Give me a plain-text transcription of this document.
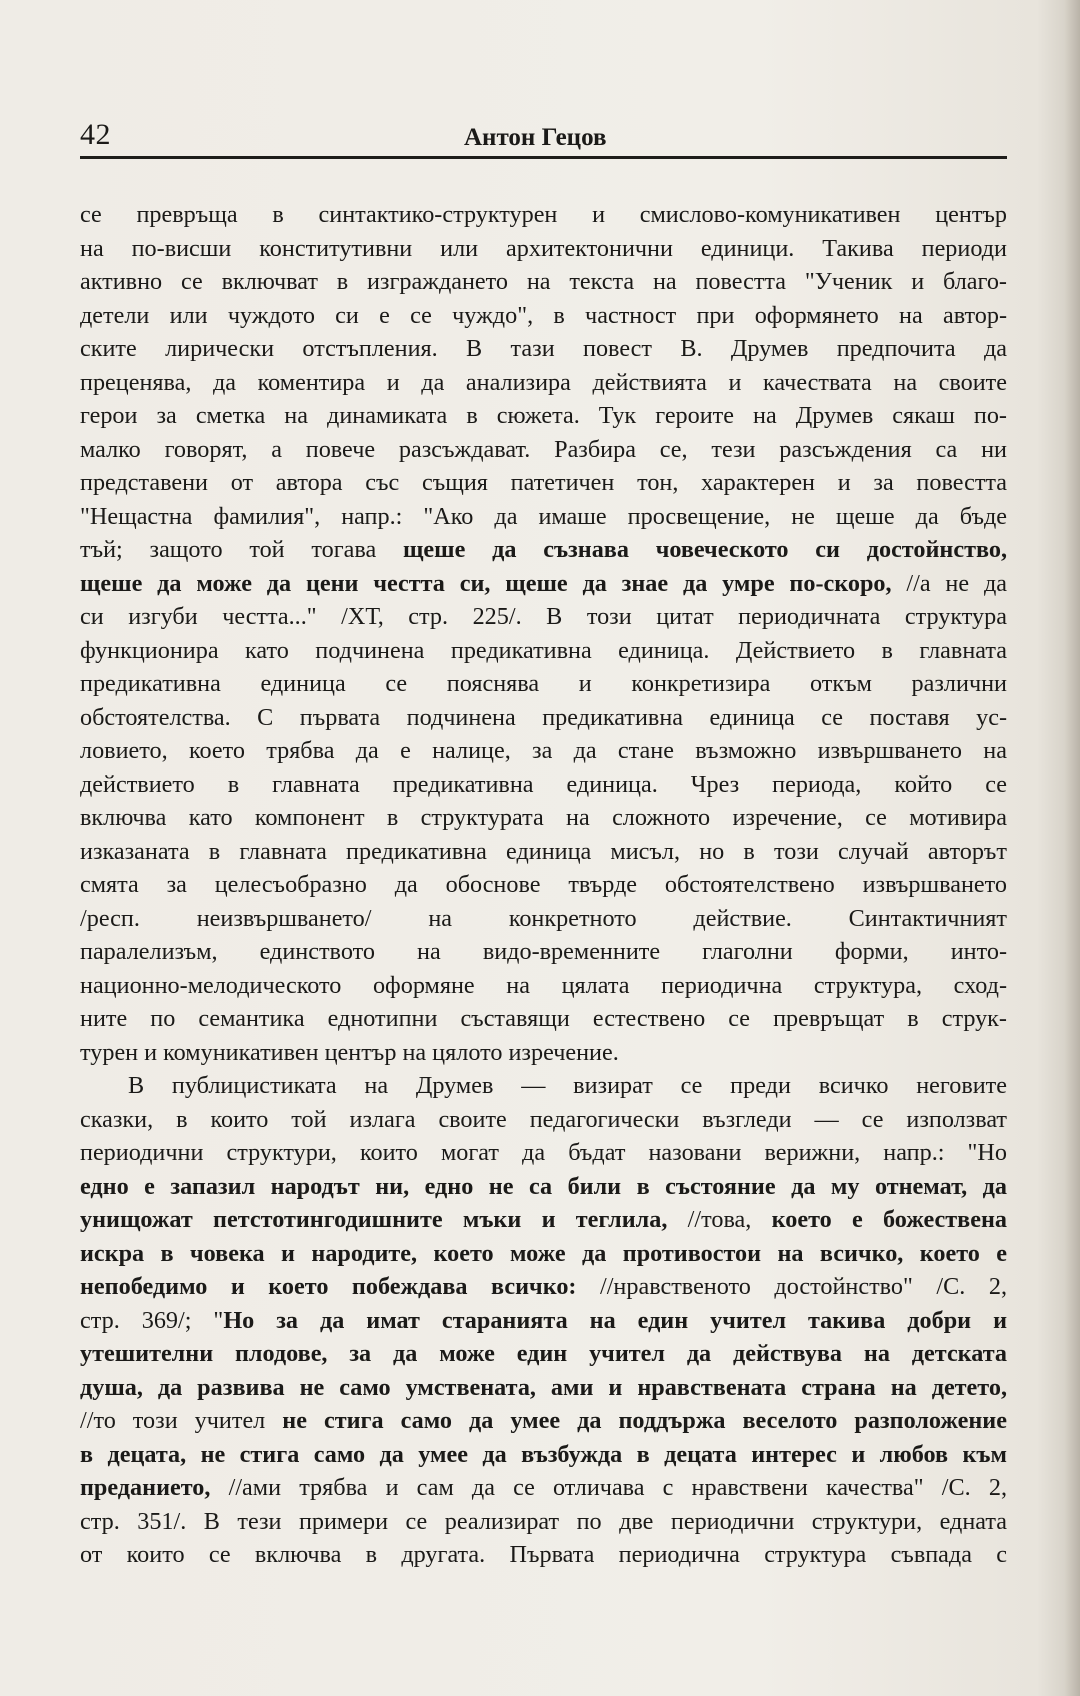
42	Антон Гецов
се превръща в синтактико-структурен и смислово-комуникативен център
на по-висши конститутивни или архитектонични единици. Такива периоди
активно се включват в изграждането на текста на повестта "Ученик и благо-
детели или чуждото си е се чуждо", в частност при оформянето на автор-
ските лирически отстъпления. В тази повест В. Друмев предпочита да
преценява, да коментира и да анализира действията и качествата на своите
герои за сметка на динамиката в сюжета. Тук героите на Друмев сякаш по-
малко говорят, а повече разсъждават. Разбира се, тези разсъждения са ни
представени от автора със същия патетичен тон, характерен и за повестта
"Нещастна фамилия", напр.: "Ако да имаше просвещение, не щеше да бъде
тъй; защото той тогава щеше да съзнава човеческото си достойнство,
щеше да може да цени честта си, щеше да знае да умре по-скоро, //а не да
си изгуби честта..." /ХТ, стр. 225/. В този цитат периодичната структура
функционира като подчинена предикативна единица. Действието в главната
предикативна единица се пояснява и конкретизира откъм различни
обстоятелства. С първата подчинена предикативна единица се поставя ус-
ловието, което трябва да е налице, за да стане възможно извършването на
действието в главната предикативна единица. Чрез периода, който се
включва като компонент в структурата на сложното изречение, се мотивира
изказаната в главната предикативна единица мисъл, но в този случай авторът
смята за целесъобразно да обоснове твърде обстоятелствено извършването
/респ. неизвършването/ на конкретното действие. Синтактичният
паралелизъм, единството на видо-временните глаголни форми, инто-
национно-мелодическото оформяне на цялата периодична структура, сход-
ните по семантика еднотипни съставящи естествено се превръщат в струк-
турен и комуникативен център на цялото изречение.
В публицистиката на Друмев — визират се преди всичко неговите
сказки, в които той излага своите педагогически възгледи — се използват
периодични структури, които могат да бъдат назовани верижни, напр.: "Но
едно е запазил народът ни, едно не са били в състояние да му отнемат, да
унищожат петстотингодишните мъки и теглила, //това, което е божествена
искра в човека и народите, което може да противостои на всичко, което е
непобедимо и което побеждава всичко: //нравственото достойнство" /С. 2,
стр. 369/; "Но за да имат старанията на един учител такива добри и
утешителни плодове, за да може един учител да действува на детската
душа, да развива не само умствената, ами и нравствената страна на детето,
//то този учител не стига само да умее да поддържа веселото разположение
в децата, не стига само да умее да възбужда в децата интерес и любов към
преданието, //ами трябва и сам да се отличава с нравствени качества" /С. 2,
стр. 351/. В тези примери се реализират по две периодични структури, едната
от които се включва в другата. Първата периодична структура съвпада с
